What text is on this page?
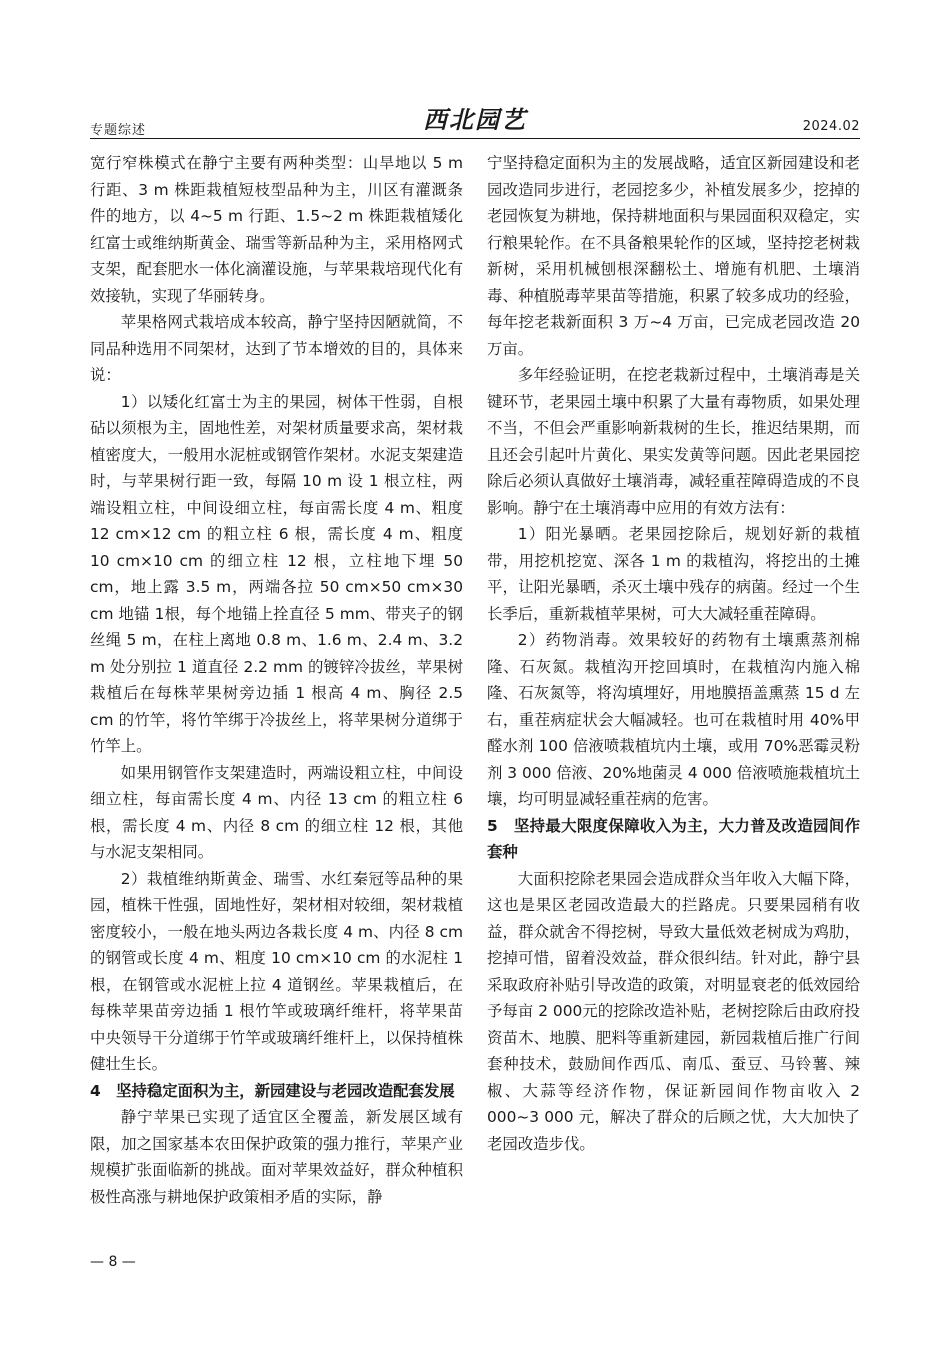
专题综述	西北园艺	2024.02

宽行窄株模式在静宁主要有两种类型：山旱地以 5 m 行距、3 m 株距栽植短枝型品种为主，川区有灌溉条件的地方，以 4~5 m 行距、1.5~2 m 株距栽植矮化红富士或维纳斯黄金、瑞雪等新品种为主，采用格网式支架，配套肥水一体化滴灌设施，与苹果栽培现代化有效接轨，实现了华丽转身。

苹果格网式栽培成本较高，静宁坚持因陋就简，不同品种选用不同架材，达到了节本增效的目的，具体来说：

1）以矮化红富士为主的果园，树体干性弱，自根砧以须根为主，固地性差，对架材质量要求高，架材栽植密度大，一般用水泥桩或钢管作架材。水泥支架建造时，与苹果树行距一致，每隔 10 m 设 1 根立柱，两端设粗立柱，中间设细立柱，每亩需长度 4 m、粗度 12 cm×12 cm 的粗立柱 6 根，需长度 4 m、粗度 10 cm×10 cm 的细立柱 12 根，立柱地下埋 50 cm，地上露 3.5 m，两端各拉 50 cm×50 cm×30 cm 地锚 1根，每个地锚上拴直径 5 mm、带夹子的钢丝绳 5 m，在柱上离地 0.8 m、1.6 m、2.4 m、3.2 m 处分别拉 1 道直径 2.2 mm 的镀锌冷拔丝，苹果树栽植后在每株苹果树旁边插 1 根高 4 m、胸径 2.5 cm 的竹竿，将竹竿绑于冷拔丝上，将苹果树分道绑于竹竿上。

如果用钢管作支架建造时，两端设粗立柱，中间设细立柱，每亩需长度 4 m、内径 13 cm 的粗立柱 6 根，需长度 4 m、内径 8 cm 的细立柱 12 根，其他与水泥支架相同。

2）栽植维纳斯黄金、瑞雪、水红秦冠等品种的果园，植株干性强，固地性好，架材相对较细，架材栽植密度较小，一般在地头两边各栽长度 4 m、内径 8 cm 的钢管或长度 4 m、粗度 10 cm×10 cm 的水泥柱 1 根，在钢管或水泥桩上拉 4 道钢丝。苹果栽植后，在每株苹果苗旁边插 1 根竹竿或玻璃纤维杆，将苹果苗中央领导干分道绑于竹竿或玻璃纤维杆上，以保持植株健壮生长。

4　坚持稳定面积为主，新园建设与老园改造配套发展

静宁苹果已实现了适宜区全覆盖，新发展区域有限，加之国家基本农田保护政策的强力推行，苹果产业规模扩张面临新的挑战。面对苹果效益好，群众种植积极性高涨与耕地保护政策相矛盾的实际，静

宁坚持稳定面积为主的发展战略，适宜区新园建设和老园改造同步进行，老园挖多少，补植发展多少，挖掉的老园恢复为耕地，保持耕地面积与果园面积双稳定，实行粮果轮作。在不具备粮果轮作的区域，坚持挖老树栽新树，采用机械刨根深翻松土、增施有机肥、土壤消毒、种植脱毒苹果苗等措施，积累了较多成功的经验，每年挖老栽新面积 3 万~4 万亩，已完成老园改造 20 万亩。

多年经验证明，在挖老栽新过程中，土壤消毒是关键环节，老果园土壤中积累了大量有毒物质，如果处理不当，不但会严重影响新栽树的生长，推迟结果期，而且还会引起叶片黄化、果实发黄等问题。因此老果园挖除后必须认真做好土壤消毒，减轻重茬障碍造成的不良影响。静宁在土壤消毒中应用的有效方法有：

1）阳光暴晒。老果园挖除后，规划好新的栽植带，用挖机挖宽、深各 1 m 的栽植沟，将挖出的土摊平，让阳光暴晒，杀灭土壤中残存的病菌。经过一个生长季后，重新栽植苹果树，可大大减轻重茬障碍。

2）药物消毒。效果较好的药物有土壤熏蒸剂棉隆、石灰氮。栽植沟开挖回填时，在栽植沟内施入棉隆、石灰氮等，将沟填埋好，用地膜捂盖熏蒸 15 d 左右，重茬病症状会大幅减轻。也可在栽植时用 40%甲醛水剂 100 倍液喷栽植坑内土壤，或用 70%恶霉灵粉剂 3 000 倍液、20%地菌灵 4 000 倍液喷施栽植坑土壤，均可明显减轻重茬病的危害。

5　坚持最大限度保障收入为主，大力普及改造园间作套种

大面积挖除老果园会造成群众当年收入大幅下降，这也是果区老园改造最大的拦路虎。只要果园稍有收益，群众就舍不得挖树，导致大量低效老树成为鸡肋，挖掉可惜，留着没效益，群众很纠结。针对此，静宁县采取政府补贴引导改造的政策，对明显衰老的低效园给予每亩 2 000元的挖除改造补贴，老树挖除后由政府投资苗木、地膜、肥料等重新建园，新园栽植后推广行间套种技术，鼓励间作西瓜、南瓜、蚕豆、马铃薯、辣椒、大蒜等经济作物，保证新园间作物亩收入 2 000~3 000 元，解决了群众的后顾之忧，大大加快了老园改造步伐。

— 8 —
